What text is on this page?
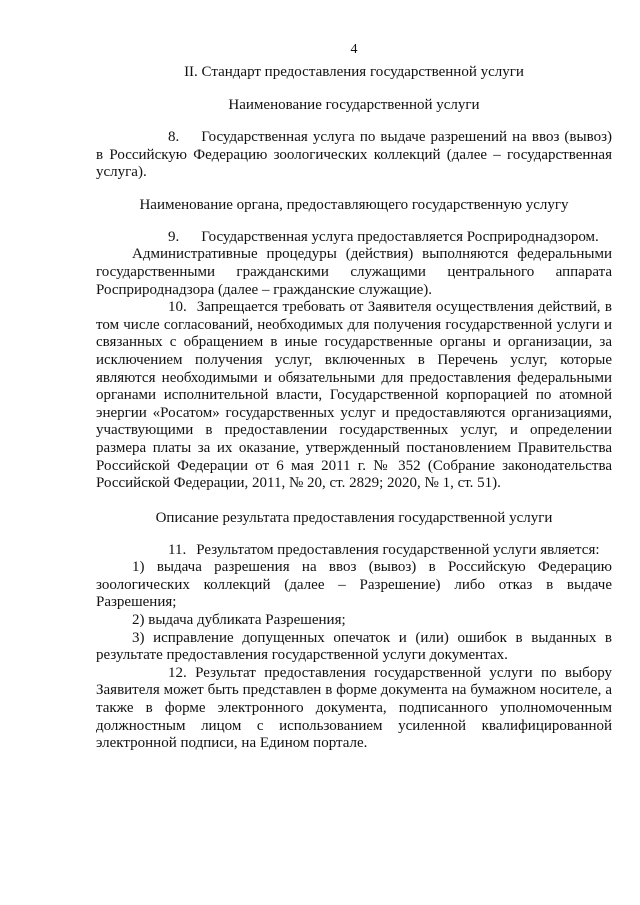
4
II. Стандарт предоставления государственной услуги
Наименование государственной услуги

8. Государственная услуга по выдаче разрешений на ввоз (вывоз) в Российскую Федерацию зоологических коллекций (далее – государственная услуга).

Наименование органа, предоставляющего государственную услугу

9. Государственная услуга предоставляется Росприроднадзором.

Административные процедуры (действия) выполняются федеральными государственными гражданскими служащими центрального аппарата Росприроднадзора (далее – гражданские служащие).

10. Запрещается требовать от Заявителя осуществления действий, в том числе согласований, необходимых для получения государственной услуги и связанных с обращением в иные государственные органы и организации, за исключением получения услуг, включенных в Перечень услуг, которые являются необходимыми и обязательными для предоставления федеральными органами исполнительной власти, Государственной корпорацией по атомной энергии «Росатом» государственных услуг и предоставляются организациями, участвующими в предоставлении государственных услуг, и определении размера платы за их оказание, утвержденный постановлением Правительства Российской Федерации от 6 мая 2011 г. № 352 (Собрание законодательства Российской Федерации, 2011, № 20, ст. 2829; 2020, № 1, ст. 51).

Описание результата предоставления государственной услуги

11. Результатом предоставления государственной услуги является:

1) выдача разрешения на ввоз (вывоз) в Российскую Федерацию зоологических коллекций (далее – Разрешение) либо отказ в выдаче Разрешения;

2) выдача дубликата Разрешения;

3) исправление допущенных опечаток и (или) ошибок в выданных в результате предоставления государственной услуги документах.

12. Результат предоставления государственной услуги по выбору Заявителя может быть представлен в форме документа на бумажном носителе, а также в форме электронного документа, подписанного уполномоченным должностным лицом с использованием усиленной квалифицированной электронной подписи, на Едином портале.
